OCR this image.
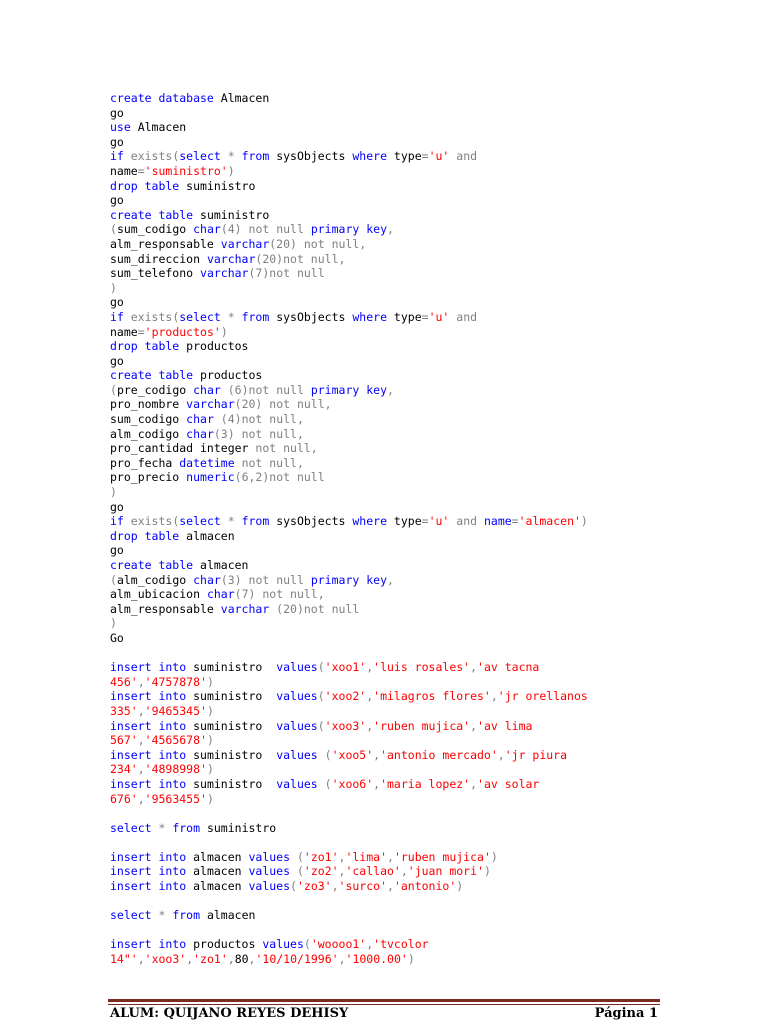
create database Almacen
go
use Almacen
go
if exists(select * from sysObjects where type='u' and
name='suministro')
drop table suministro
go
create table suministro
(sum_codigo char(4) not null primary key,
alm_responsable varchar(20) not null,
sum_direccion varchar(20)not null,
sum_telefono varchar(7)not null
)
go
if exists(select * from sysObjects where type='u' and
name='productos')
drop table productos
go
create table productos
(pre_codigo char (6)not null primary key,
pro_nombre varchar(20) not null,
sum_codigo char (4)not null,
alm_codigo char(3) not null,
pro_cantidad integer not null,
pro_fecha datetime not null,
pro_precio numeric(6,2)not null
)
go
if exists(select * from sysObjects where type='u' and name='almacen')
drop table almacen
go
create table almacen
(alm_codigo char(3) not null primary key,
alm_ubicacion char(7) not null,
alm_responsable varchar (20)not null
)
Go

insert into suministro  values('xoo1','luis rosales','av tacna
456','4757878')
insert into suministro  values('xoo2','milagros flores','jr orellanos
335','9465345')
insert into suministro  values('xoo3','ruben mujica','av lima
567','4565678')
insert into suministro  values ('xoo5','antonio mercado','jr piura
234','4898998')
insert into suministro  values ('xoo6','maria lopez','av solar
676','9563455')

select * from suministro

insert into almacen values ('zo1','lima','ruben mujica')
insert into almacen values ('zo2','callao','juan mori')
insert into almacen values('zo3','surco','antonio')

select * from almacen

insert into productos values('woooo1','tvcolor
14"','xoo3','zo1',80,'10/10/1996','1000.00')
ALUM: QUIJANO REYES DEHISY	Página 1
